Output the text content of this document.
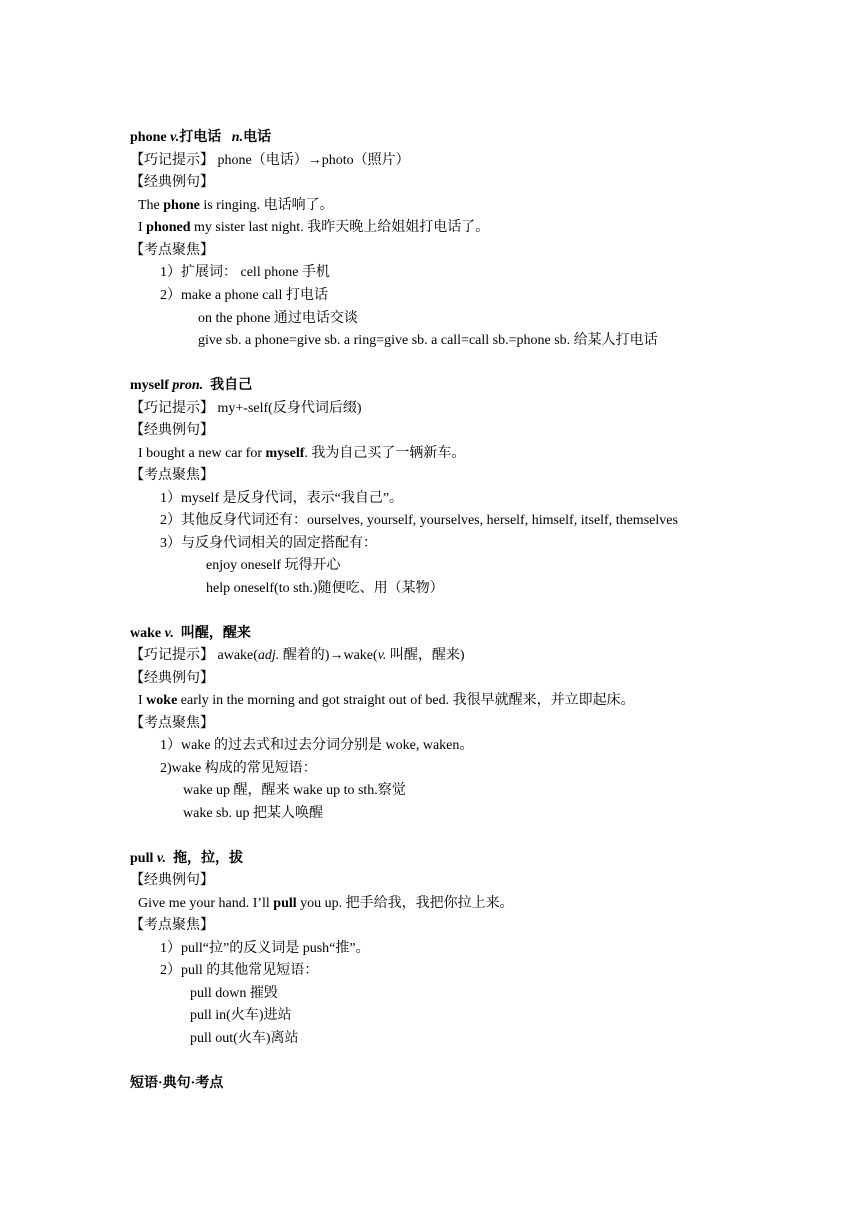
phone v.打电话 n.电话
【巧记提示】 phone（电话）→photo（照片）
【经典例句】
The phone is ringing. 电话响了。
I phoned my sister last night. 我昨天晚上给姐姐打电话了。
【考点聚焦】
1）扩展词： cell phone 手机
2）make a phone call 打电话
on the phone 通过电话交谈
give sb. a phone=give sb. a ring=give sb. a call=call sb.=phone sb. 给某人打电话
myself pron. 我自己
【巧记提示】 my+-self(反身代词后缀)
【经典例句】
I bought a new car for myself. 我为自己买了一辆新车。
【考点聚焦】
1）myself 是反身代词，表示“我自己”。
2）其他反身代词还有：ourselves, yourself, yourselves, herself, himself, itself, themselves
3）与反身代词相关的固定搭配有：
enjoy oneself 玩得开心
help oneself(to sth.)随便吃、用（某物）
wake v. 叫醒，醒来
【巧记提示】 awake(adj. 醒着的)→wake(v. 叫醒，醒来)
【经典例句】
I woke early in the morning and got straight out of bed. 我很早就醒来，并立即起床。
【考点聚焦】
1）wake 的过去式和过去分词分别是 woke, waken。
2)wake 构成的常见短语：
wake up 醒，醒来 wake up to sth.察觉
wake sb. up 把某人唤醒
pull v. 拖，拉，拔
【经典例句】
Give me your hand. I’ll pull you up. 把手给我，我把你拉上来。
【考点聚焦】
1）pull“拉”的反义词是 push“推”。
2）pull 的其他常见短语：
pull down 摧毁
pull in(火车)进站
pull out(火车)离站
短语·典句·考点
